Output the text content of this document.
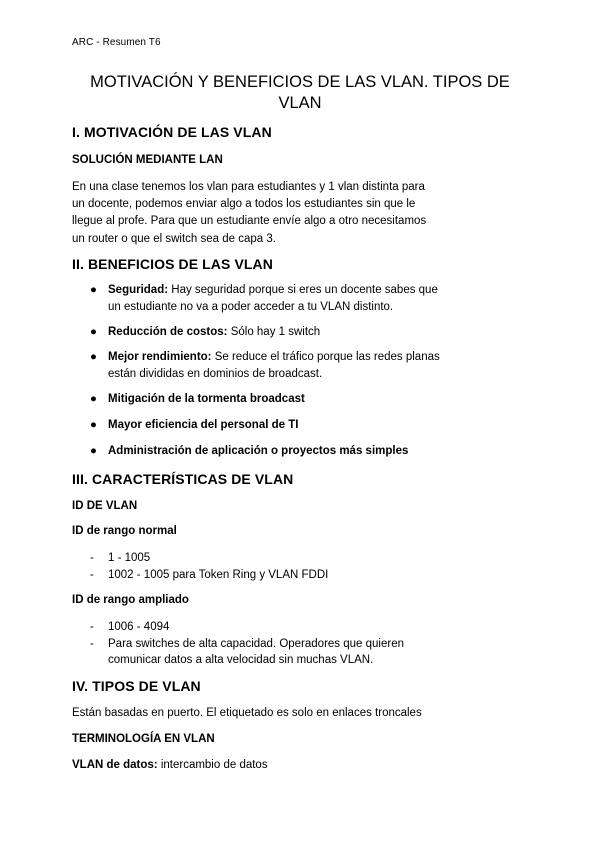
ARC - Resumen T6
MOTIVACIÓN Y BENEFICIOS DE LAS VLAN. TIPOS DE VLAN
I. MOTIVACIÓN DE LAS VLAN
SOLUCIÓN MEDIANTE LAN
En una clase tenemos los vlan para estudiantes y 1 vlan distinta para un docente, podemos enviar algo a todos los estudiantes sin que le llegue al profe. Para que un estudiante envíe algo a otro necesitamos un router o que el switch sea de capa 3.
II. BENEFICIOS DE LAS VLAN
● Seguridad: Hay seguridad porque si eres un docente sabes que un estudiante no va a poder acceder a tu VLAN distinto.
● Reducción de costos: Sólo hay 1 switch
● Mejor rendimiento: Se reduce el tráfico porque las redes planas están divididas en dominios de broadcast.
● Mitigación de la tormenta broadcast
● Mayor eficiencia del personal de TI
● Administración de aplicación o proyectos más simples
III. CARACTERÍSTICAS DE VLAN
ID DE VLAN
ID de rango normal
- 1 - 1005
- 1002 - 1005 para Token Ring y VLAN FDDI
ID de rango ampliado
- 1006 - 4094
- Para switches de alta capacidad. Operadores que quieren comunicar datos a alta velocidad sin muchas VLAN.
IV. TIPOS DE VLAN
Están basadas en puerto. El etiquetado es solo en enlaces troncales
TERMINOLOGÍA EN VLAN
VLAN de datos: intercambio de datos
